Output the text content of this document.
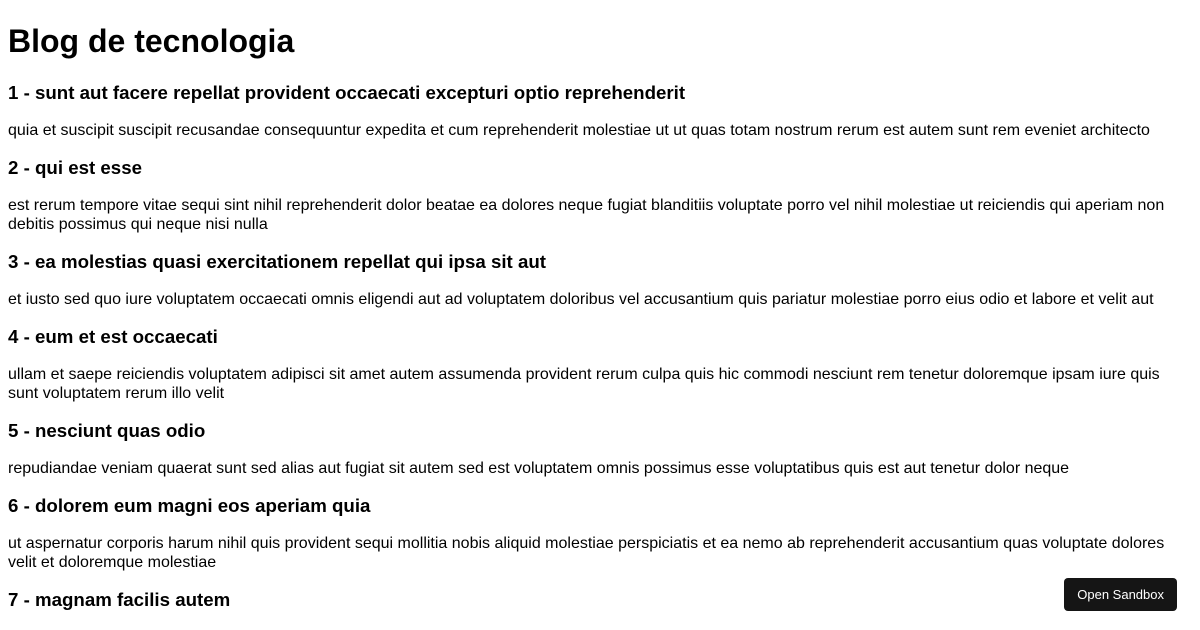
Blog de tecnologia
1 - sunt aut facere repellat provident occaecati excepturi optio reprehenderit

quia et suscipit suscipit recusandae consequuntur expedita et cum reprehenderit molestiae ut ut quas totam nostrum rerum est autem sunt rem eveniet architecto

2 - qui est esse

est rerum tempore vitae sequi sint nihil reprehenderit dolor beatae ea dolores neque fugiat blanditiis voluptate porro vel nihil molestiae ut reiciendis qui aperiam non debitis possimus qui neque nisi nulla

3 - ea molestias quasi exercitationem repellat qui ipsa sit aut

et iusto sed quo iure voluptatem occaecati omnis eligendi aut ad voluptatem doloribus vel accusantium quis pariatur molestiae porro eius odio et labore et velit aut

4 - eum et est occaecati

ullam et saepe reiciendis voluptatem adipisci sit amet autem assumenda provident rerum culpa quis hic commodi nesciunt rem tenetur doloremque ipsam iure quis sunt voluptatem rerum illo velit

5 - nesciunt quas odio

repudiandae veniam quaerat sunt sed alias aut fugiat sit autem sed est voluptatem omnis possimus esse voluptatibus quis est aut tenetur dolor neque

6 - dolorem eum magni eos aperiam quia

ut aspernatur corporis harum nihil quis provident sequi mollitia nobis aliquid molestiae perspiciatis et ea nemo ab reprehenderit accusantium quas voluptate dolores velit et doloremque molestiae

7 - magnam facilis autem	Open Sandbox
